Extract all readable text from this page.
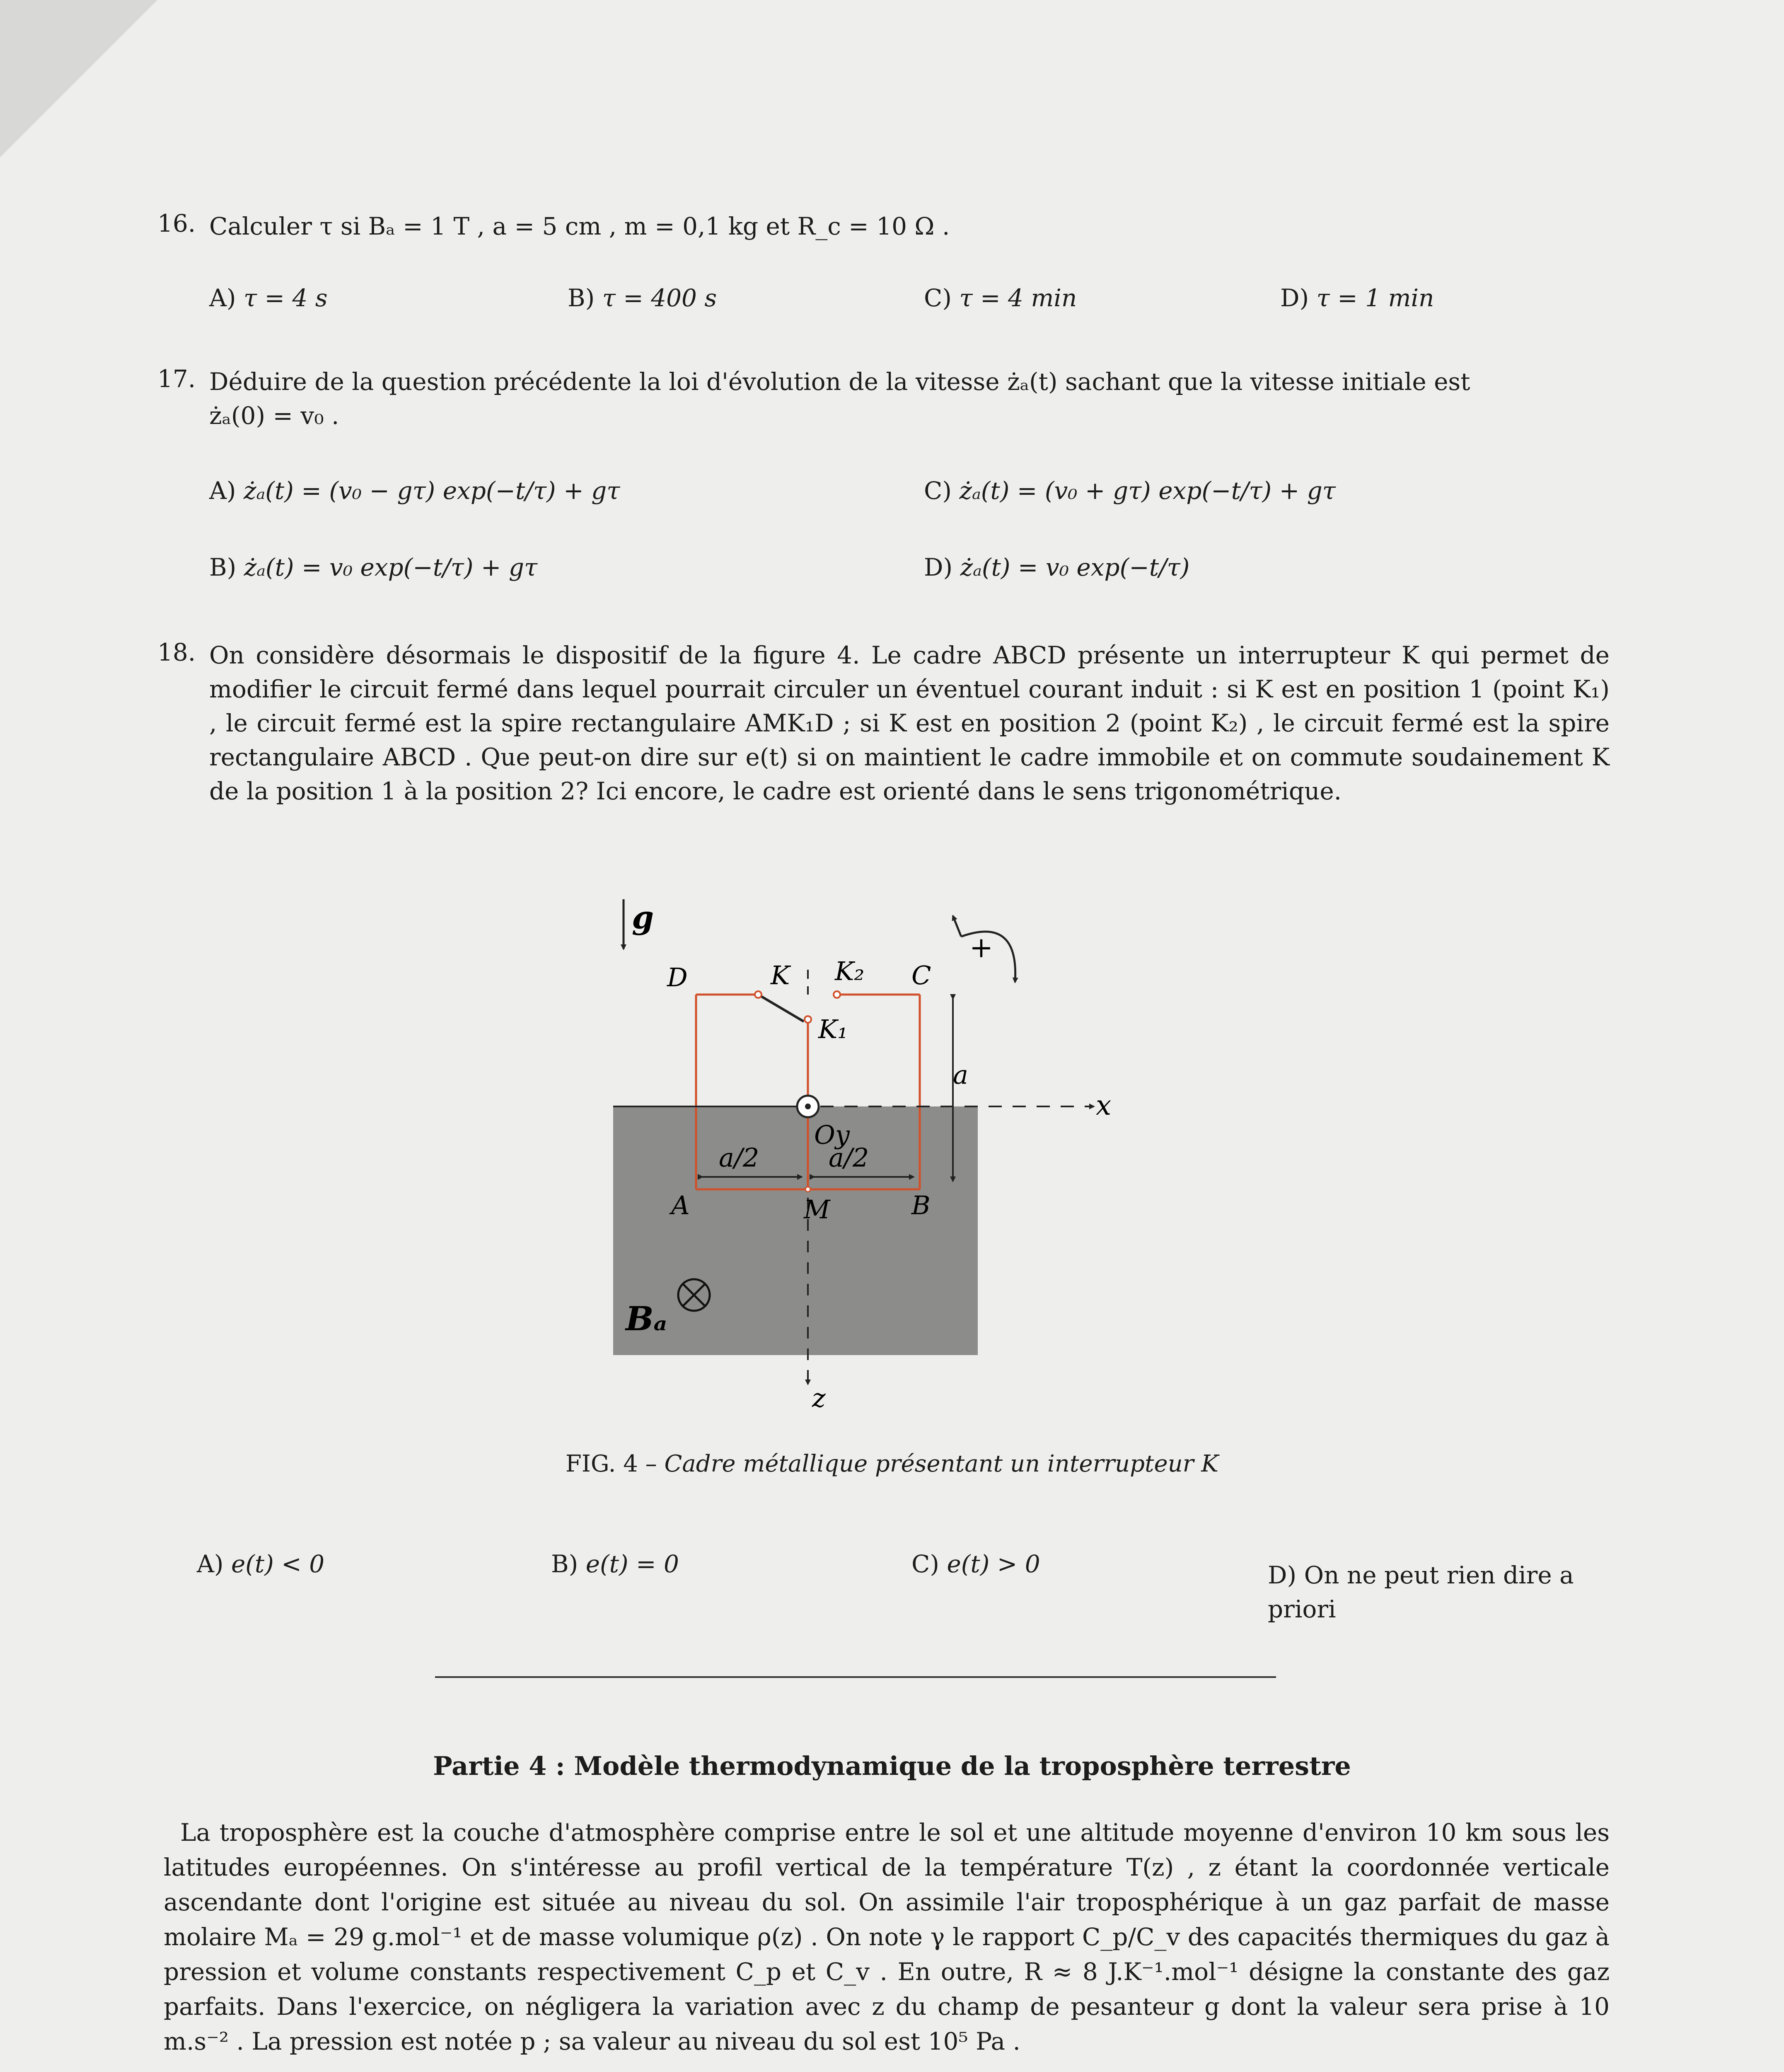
16. Calculer τ si Bₐ = 1 T , a = 5 cm , m = 0,1 kg et R_c = 10 Ω .
A) τ = 4 s	B) τ = 400 s	C) τ = 4 min	D) τ = 1 min
17. Déduire de la question précédente la loi d'évolution de la vitesse żₐ(t) sachant que la vitesse initiale est
żₐ(0) = v₀ .
A) żₐ(t) = (v₀ − gτ) exp(−t/τ) + gτ	C) żₐ(t) = (v₀ + gτ) exp(−t/τ) + gτ
B) żₐ(t) = v₀ exp(−t/τ) + gτ	D) żₐ(t) = v₀ exp(−t/τ)
18. On considère désormais le dispositif de la figure 4. Le cadre ABCD présente un interrupteur K qui permet de modifier le circuit fermé dans lequel pourrait circuler un éventuel courant induit : si K est en position 1 (point K₁) , le circuit fermé est la spire rectangulaire AMK₁D ; si K est en position 2 (point K₂) , le circuit fermé est la spire rectangulaire ABCD . Que peut-on dire sur e(t) si on maintient le cadre immobile et on commute soudainement K de la position 1 à la position 2? Ici encore, le cadre est orienté dans le sens trigonométrique.
g
D	K K₂ C
K₁
+
a
x
Oy
a/2	a/2
A	M	B
Bₐ
z
FIG. 4 – Cadre métallique présentant un interrupteur K
A) e(t) < 0	B) e(t) = 0	C) e(t) > 0	D) On ne peut rien dire a priori
Partie 4 : Modèle thermodynamique de la troposphère terrestre
La troposphère est la couche d'atmosphère comprise entre le sol et une altitude moyenne d'environ 10 km sous les latitudes européennes. On s'intéresse au profil vertical de la température T(z) , z étant la coordonnée verticale ascendante dont l'origine est située au niveau du sol. On assimile l'air troposphérique à un gaz parfait de masse molaire Mₐ = 29 g.mol⁻¹ et de masse volumique ρ(z) . On note γ le rapport C_p/C_v des capacités thermiques du gaz à pression et volume constants respectivement C_p et C_v . En outre, R ≈ 8 J.K⁻¹.mol⁻¹ désigne la constante des gaz parfaits. Dans l'exercice, on négligera la variation avec z du champ de pesanteur g dont la valeur sera prise à 10 m.s⁻² . La pression est notée p ; sa valeur au niveau du sol est 10⁵ Pa .
